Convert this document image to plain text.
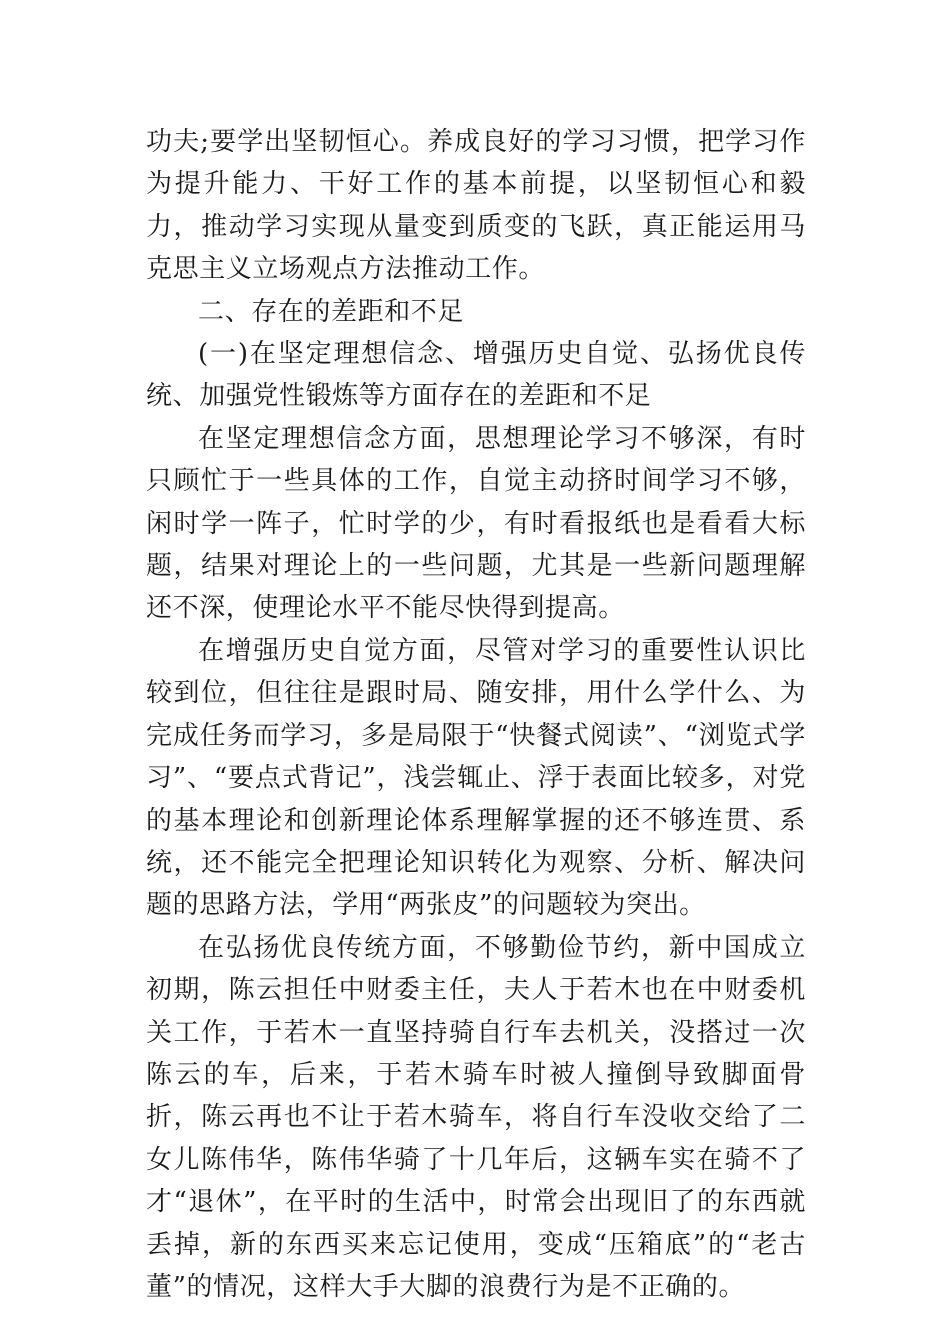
功夫;要学出坚韧恒心。养成良好的学习习惯，把学习作为提升能力、干好工作的基本前提，以坚韧恒心和毅力，推动学习实现从量变到质变的飞跃，真正能运用马克思主义立场观点方法推动工作。

二、存在的差距和不足

(一)在坚定理想信念、增强历史自觉、弘扬优良传统、加强党性锻炼等方面存在的差距和不足

在坚定理想信念方面，思想理论学习不够深，有时只顾忙于一些具体的工作，自觉主动挤时间学习不够，闲时学一阵子，忙时学的少，有时看报纸也是看看大标题，结果对理论上的一些问题，尤其是一些新问题理解还不深，使理论水平不能尽快得到提高。

在增强历史自觉方面，尽管对学习的重要性认识比较到位，但往往是跟时局、随安排，用什么学什么、为完成任务而学习，多是局限于“快餐式阅读”、“浏览式学习”、“要点式背记”，浅尝辄止、浮于表面比较多，对党的基本理论和创新理论体系理解掌握的还不够连贯、系统，还不能完全把理论知识转化为观察、分析、解决问题的思路方法，学用“两张皮”的问题较为突出。

在弘扬优良传统方面，不够勤俭节约，新中国成立初期，陈云担任中财委主任，夫人于若木也在中财委机关工作，于若木一直坚持骑自行车去机关，没搭过一次陈云的车，后来，于若木骑车时被人撞倒导致脚面骨折，陈云再也不让于若木骑车，将自行车没收交给了二女儿陈伟华，陈伟华骑了十几年后，这辆车实在骑不了才“退休”，在平时的生活中，时常会出现旧了的东西就丢掉，新的东西买来忘记使用，变成“压箱底”的“老古董”的情况，这样大手大脚的浪费行为是不正确的。
